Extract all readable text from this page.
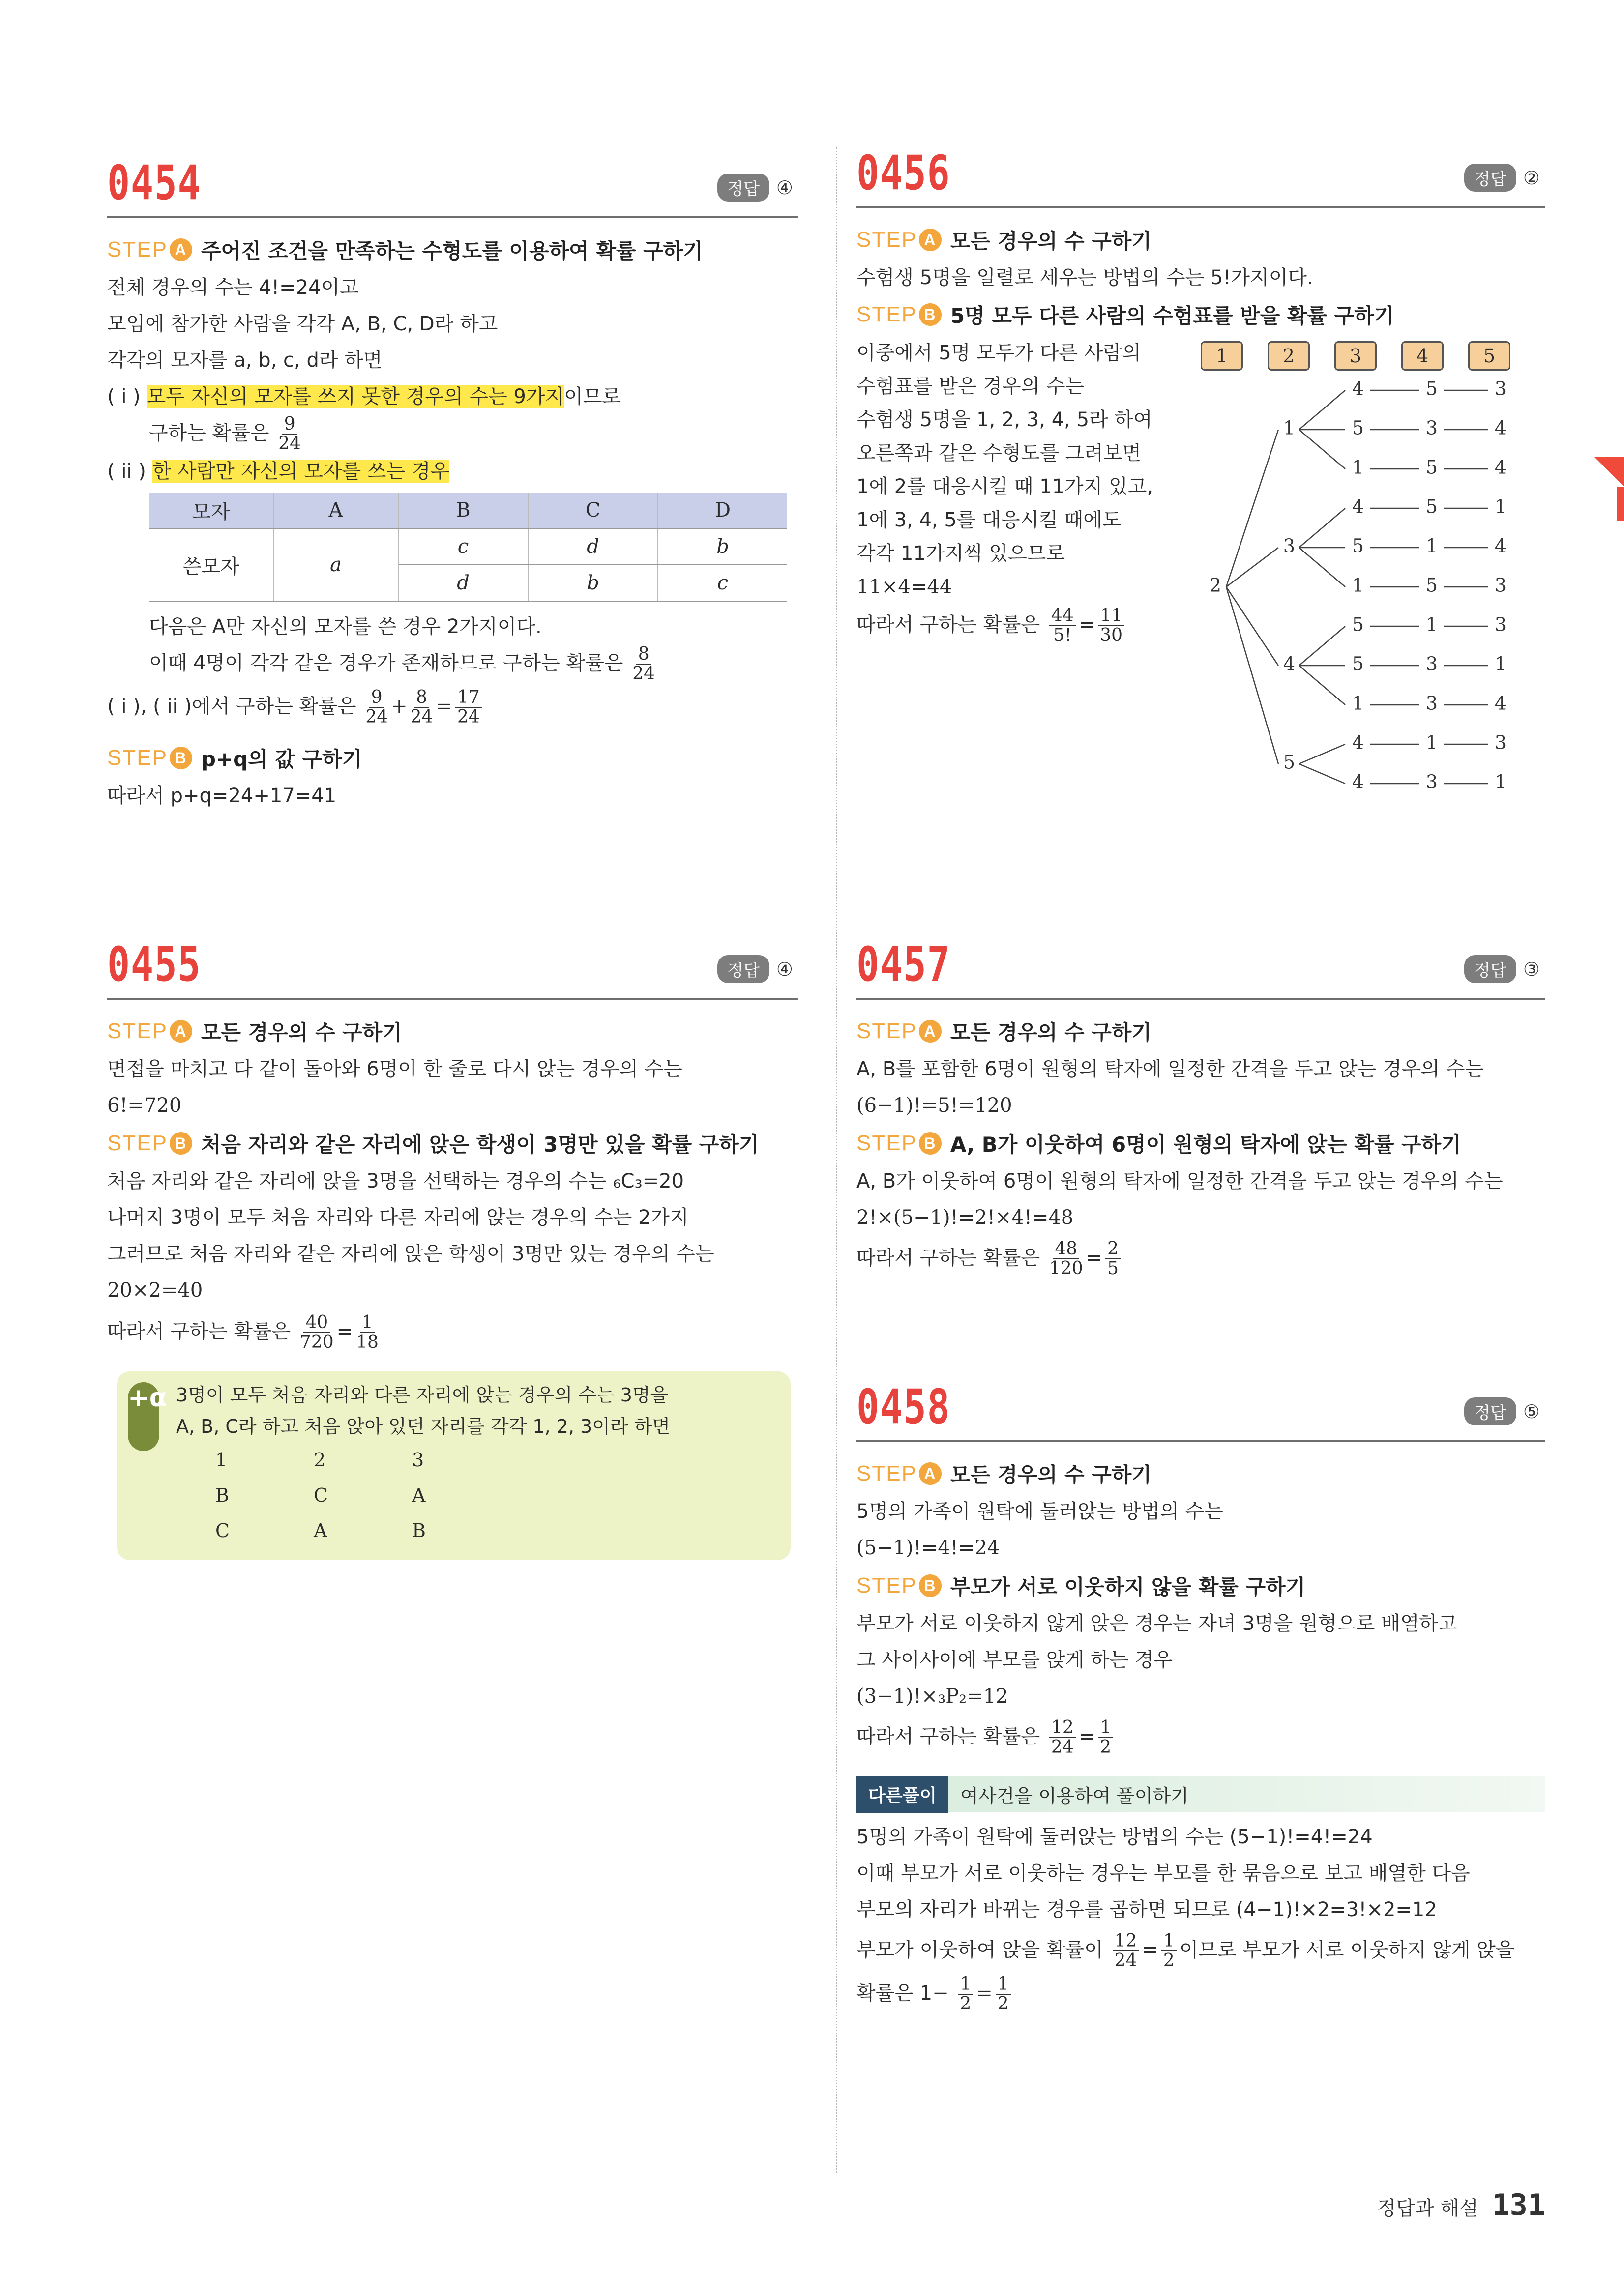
0454	정답 ④
STEP A 주어진 조건을 만족하는 수형도를 이용하여 확률 구하기
전체 경우의 수는 4!=24이고
모임에 참가한 사람을 각각 A, B, C, D라 하고
각각의 모자를 a, b, c, d라 하면
( i ) 모두 자신의 모자를 쓰지 못한 경우의 수는 9가지이므로
구하는 확률은 $\frac{9}{24}$
( ii ) 한 사람만 자신의 모자를 쓰는 경우
모자	A	B	C	D
쓴모자	a	c	d	b
		d	b	c
다음은 A만 자신의 모자를 쓴 경우 2가지이다.
이때 4명이 각각 같은 경우가 존재하므로 구하는 확률은 $\frac{8}{24}$
( i ), ( ii )에서 구하는 확률은 $\frac{9}{24} + \frac{8}{24} = \frac{17}{24}$
STEP B p+q의 값 구하기
따라서 p+q=24+17=41
0455	정답 ④
STEP A 모든 경우의 수 구하기
면접을 마치고 다 같이 돌아와 6명이 한 줄로 다시 앉는 경우의 수는
6!=720
STEP B 처음 자리와 같은 자리에 앉은 학생이 3명만 있을 확률 구하기
처음 자리와 같은 자리에 앉을 3명을 선택하는 경우의 수는 ₆C₃=20
나머지 3명이 모두 처음 자리와 다른 자리에 앉는 경우의 수는 2가지
그러므로 처음 자리와 같은 자리에 앉은 학생이 3명만 있는 경우의 수는
20×2=40
따라서 구하는 확률은 $\frac{40}{720} = \frac{1}{18}$
+α 3명이 모두 처음 자리와 다른 자리에 앉는 경우의 수는 3명을
A, B, C라 하고 처음 앉아 있던 자리를 각각 1, 2, 3이라 하면
1	2	3
B	C	A
C	A	B
0456	정답 ②
STEP A 모든 경우의 수 구하기
수험생 5명을 일렬로 세우는 방법의 수는 5!가지이다.
STEP B 5명 모두 다른 사람의 수험표를 받을 확률 구하기
이중에서 5명 모두가 다른 사람의
수험표를 받은 경우의 수는
수험생 5명을 1, 2, 3, 4, 5라 하여
오른쪽과 같은 수형도를 그려보면
1에 2를 대응시킬 때 11가지 있고,
1에 3, 4, 5를 대응시킬 때에도
각각 11가지씩 있으므로
11×4=44
따라서 구하는 확률은 $\frac{44}{5!} = \frac{11}{30}$
1	2	3	4	5
2
1
4	5	3
5	3	4
1	5	4
3
4	5	1
5	1	4
1	5	3
4
5	1	3
5	3	1
1	3	4
5
4	1	3
4	3	1
0457	정답 ③
STEP A 모든 경우의 수 구하기
A, B를 포함한 6명이 원형의 탁자에 일정한 간격을 두고 앉는 경우의 수는
(6−1)!=5!=120
STEP B A, B가 이웃하여 6명이 원형의 탁자에 앉는 확률 구하기
A, B가 이웃하여 6명이 원형의 탁자에 일정한 간격을 두고 앉는 경우의 수는
2!×(5−1)!=2!×4!=48
따라서 구하는 확률은 $\frac{48}{120} = \frac{2}{5}$
0458	정답 ⑤
STEP A 모든 경우의 수 구하기
5명의 가족이 원탁에 둘러앉는 방법의 수는
(5−1)!=4!=24
STEP B 부모가 서로 이웃하지 않을 확률 구하기
부모가 서로 이웃하지 않게 앉은 경우는 자녀 3명을 원형으로 배열하고
그 사이사이에 부모를 앉게 하는 경우
(3−1)!×₃P₂=12
따라서 구하는 확률은 $\frac{12}{24} = \frac{1}{2}$
다른풀이	여사건을 이용하여 풀이하기
5명의 가족이 원탁에 둘러앉는 방법의 수는 (5−1)!=4!=24
이때 부모가 서로 이웃하는 경우는 부모를 한 묶음으로 보고 배열한 다음
부모의 자리가 바뀌는 경우를 곱하면 되므로 (4−1)!×2=3!×2=12
부모가 이웃하여 앉을 확률이 $\frac{12}{24} = \frac{1}{2}$ 이므로 부모가 서로 이웃하지 않게 앉을
확률은 $1- \frac{1}{2} = \frac{1}{2}$
정답과 해설 131
